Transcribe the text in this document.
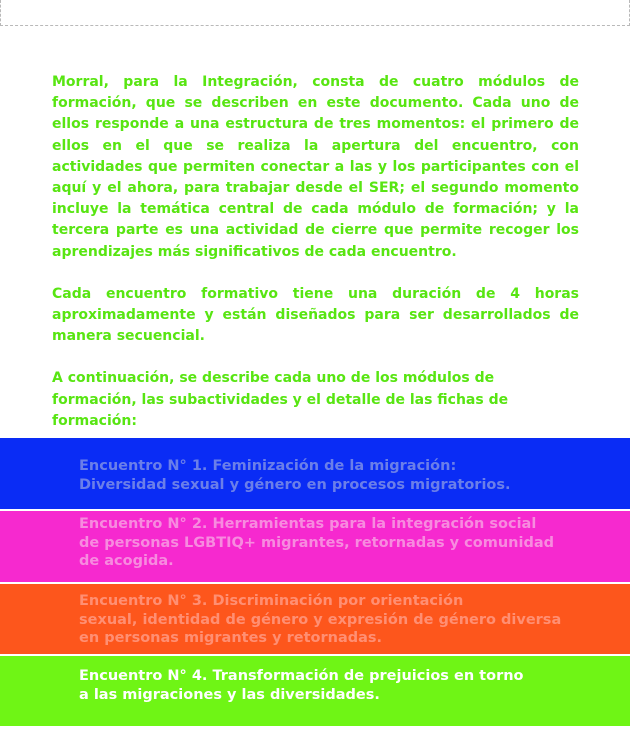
Morral, para la Integración, consta de cuatro módulos de formación, que se describen en este documento. Cada uno de ellos responde a una estructura de tres momentos: el primero de ellos en el que se realiza la apertura del encuentro, con actividades que permiten conectar a las y los participantes con el aquí y el ahora, para trabajar desde el SER; el segundo momento incluye la temática central de cada módulo de formación; y la tercera parte es una actividad de cierre que permite recoger los aprendizajes más significativos de cada encuentro.

Cada encuentro formativo tiene una duración de 4 horas aproximadamente y están diseñados para ser desarrollados de manera secuencial.

A continuación, se describe cada uno de los módulos de formación, las subactividades y el detalle de las fichas de formación:

Encuentro N° 1. Feminización de la migración:
Diversidad sexual y género en procesos migratorios.
Encuentro N° 2. Herramientas para la integración social
de personas LGBTIQ+ migrantes, retornadas y comunidad
de acogida.
Encuentro N° 3. Discriminación por orientación
sexual, identidad de género y expresión de género diversa
en personas migrantes y retornadas.
Encuentro N° 4. Transformación de prejuicios en torno
a las migraciones y las diversidades.
